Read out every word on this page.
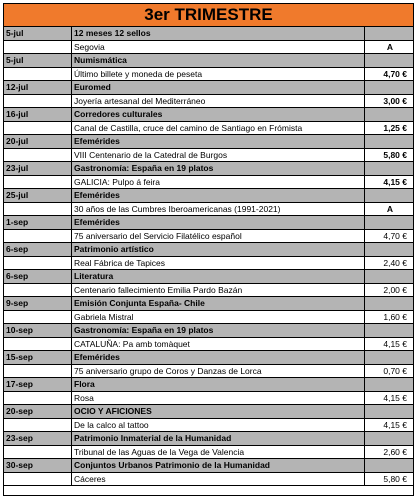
3er TRIMESTRE
5-jul	12 meses 12 sellos
Segovia	A
5-jul	Numismática
Último billete y moneda de peseta	4,70 €
12-jul	Euromed
Joyería artesanal del Mediterráneo	3,00 €
16-jul	Corredores culturales
Canal de Castilla, cruce del camino de Santiago en Frómista	1,25 €
20-jul	Efemérides
VIII Centenario de la Catedral de Burgos	5,80 €
23-jul	Gastronomía: España en 19 platos
GALICIA: Pulpo á feira	4,15 €
25-jul	Efemérides
30 años de las Cumbres Iberoamericanas (1991-2021)	A
1-sep	Efemérides
75 aniversario del Servicio Filatélico español	4,70 €
6-sep	Patrimonio artístico
Real Fábrica de Tapices	2,40 €
6-sep	Literatura
Centenario fallecimiento Emilia Pardo Bazán	2,00 €
9-sep	Emisión Conjunta España- Chile
Gabriela Mistral	1,60 €
10-sep	Gastronomía: España en 19 platos
CATALUÑA: Pa amb tomàquet	4,15 €
15-sep	Efemérides
75 aniversario grupo de Coros y Danzas de Lorca	0,70 €
17-sep	Flora
Rosa	4,15 €
20-sep	OCIO Y AFICIONES
De la calco al tattoo	4,15 €
23-sep	Patrimonio Inmaterial de la Humanidad
Tribunal de las Aguas de la Vega de Valencia	2,60 €
30-sep	Conjuntos Urbanos Patrimonio de la Humanidad
Cáceres	5,80 €
